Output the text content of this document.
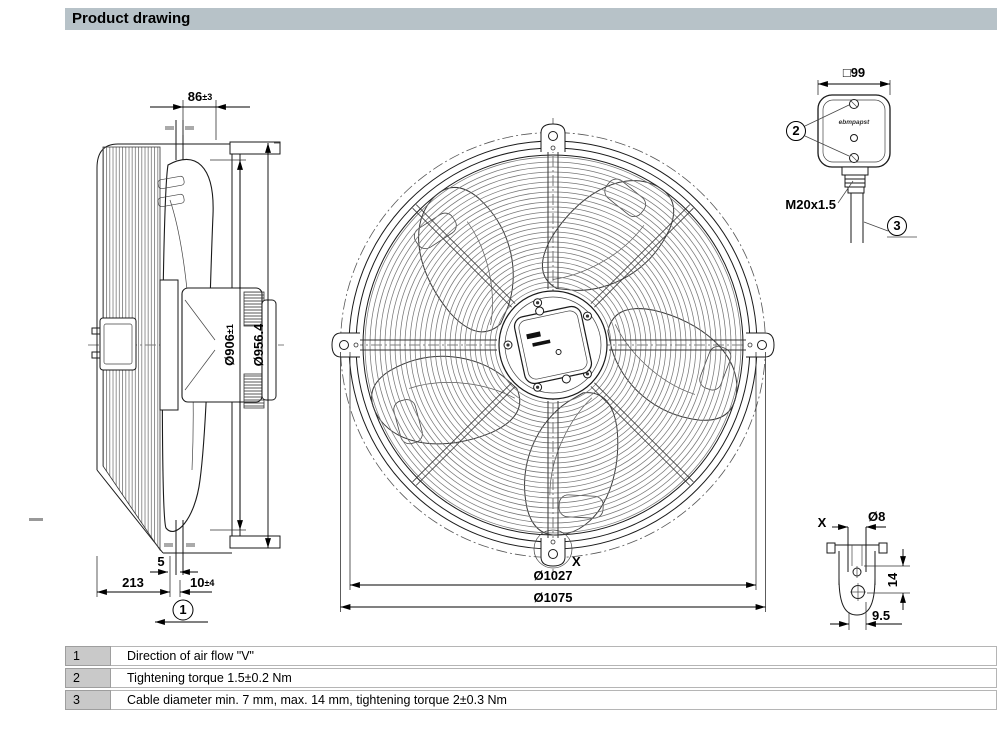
Product drawing
86±3
Ø906±1 Ø956.4
5
213	10±4
1
X
Ø1027
Ø1075
□99
ebmpapst
2
M20x1.5
3
X	Ø8
14
9.5
1	Direction of air flow "V"
2	Tightening torque 1.5±0.2 Nm
3	Cable diameter min. 7 mm, max. 14 mm, tightening torque 2±0.3 Nm
